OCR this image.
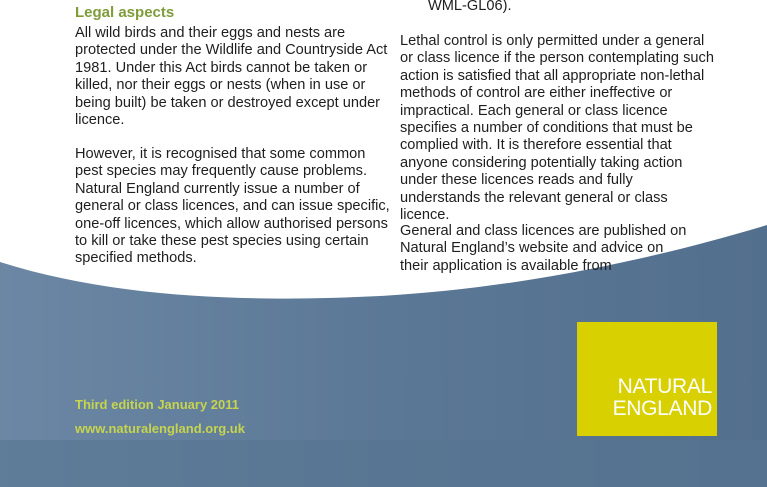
Legal aspects

All wild birds and their eggs and nests are
protected under the Wildlife and Countryside Act
1981. Under this Act birds cannot be taken or
killed, nor their eggs or nests (when in use or
being built) be taken or destroyed except under
licence.

However, it is recognised that some common
pest species may frequently cause problems.
Natural England currently issue a number of
general or class licences, and can issue specific,
one-off licences, which allow authorised persons
to kill or take these pest species using certain
specified methods.

WML-GL06).

Lethal control is only permitted under a general
or class licence if the person contemplating such
action is satisfied that all appropriate non-lethal
methods of control are either ineffective or
impractical. Each general or class licence
specifies a number of conditions that must be
complied with. It is therefore essential that
anyone considering potentially taking action
under these licences reads and fully
understands the relevant general or class
licence.

General and class licences are published on
Natural England’s website and advice on
their application is available from

NATURAL
ENGLAND
Third edition January 2011
www.naturalengland.org.uk
